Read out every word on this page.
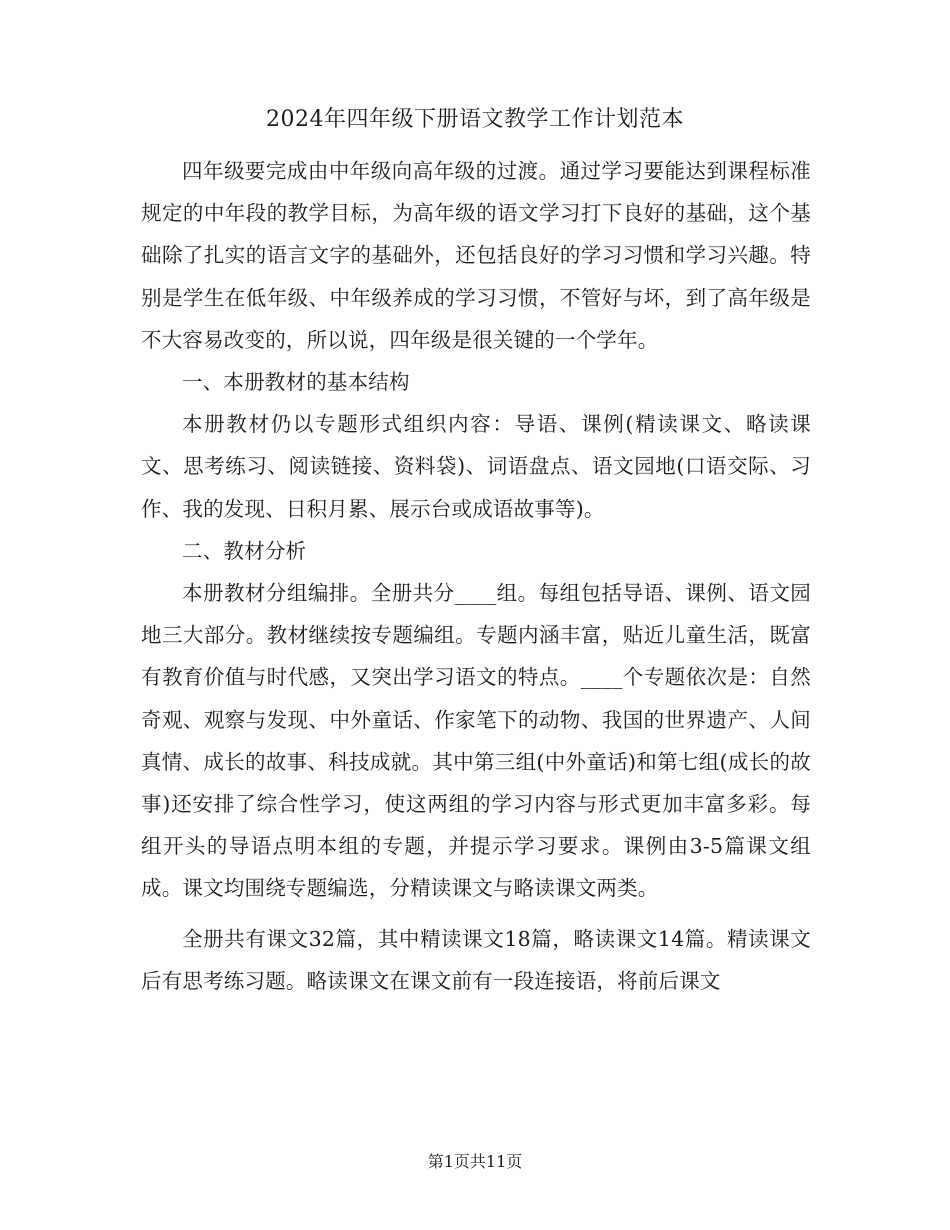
2024年四年级下册语文教学工作计划范本

四年级要完成由中年级向高年级的过渡。通过学习要能达到课程标准规定的中年段的教学目标，为高年级的语文学习打下良好的基础，这个基础除了扎实的语言文字的基础外，还包括良好的学习习惯和学习兴趣。特别是学生在低年级、中年级养成的学习习惯，不管好与坏，到了高年级是不大容易改变的，所以说，四年级是很关键的一个学年。

一、本册教材的基本结构

本册教材仍以专题形式组织内容：导语、课例(精读课文、略读课文、思考练习、阅读链接、资料袋)、词语盘点、语文园地(口语交际、习作、我的发现、日积月累、展示台或成语故事等)。

二、教材分析

本册教材分组编排。全册共分____组。每组包括导语、课例、语文园地三大部分。教材继续按专题编组。专题内涵丰富，贴近儿童生活，既富有教育价值与时代感，又突出学习语文的特点。____个专题依次是：自然奇观、观察与发现、中外童话、作家笔下的动物、我国的世界遗产、人间真情、成长的故事、科技成就。其中第三组(中外童话)和第七组(成长的故事)还安排了综合性学习，使这两组的学习内容与形式更加丰富多彩。每组开头的导语点明本组的专题，并提示学习要求。课例由3-5篇课文组成。课文均围绕专题编选，分精读课文与略读课文两类。

全册共有课文32篇，其中精读课文18篇，略读课文14篇。精读课文后有思考练习题。略读课文在课文前有一段连接语，将前后课文

第1页共11页
